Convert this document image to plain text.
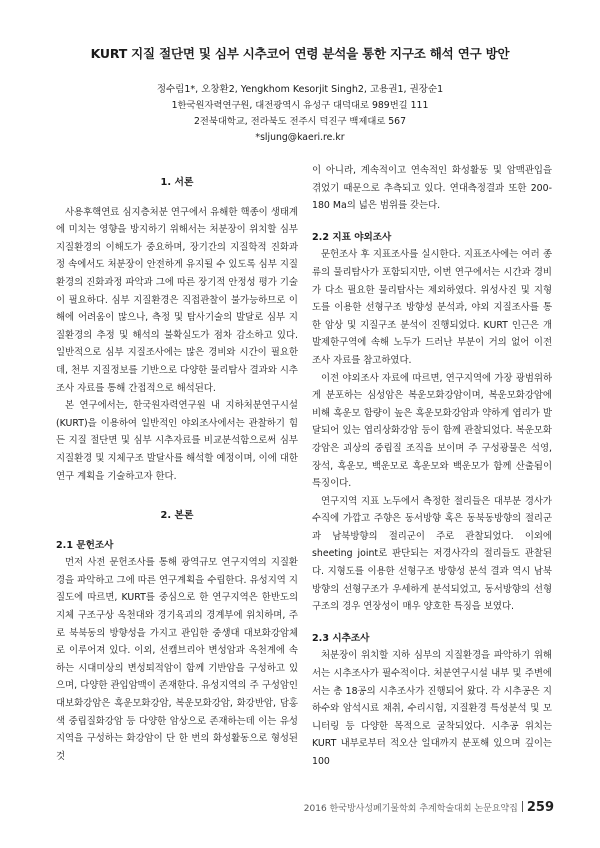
KURT 지질 절단면 및 심부 시추코어 연령 분석을 통한 지구조 해석 연구 방안
정수림1*, 오창환2, Yengkhom Kesorjit Singh2, 고용권1, 권장순1
1한국원자력연구원, 대전광역시 유성구 대덕대로 989번길 111
2전북대학교, 전라북도 전주시 덕진구 백제대로 567
*sljung@kaeri.re.kr

1. 서론

사용후핵연료 심지층처분 연구에서 유해한 핵종이 생태계에 미치는 영향을 방지하기 위해서는 처분장이 위치할 심부 지질환경의 이해도가 중요하며, 장기간의 지질학적 진화과정 속에서도 처분장이 안전하게 유지될 수 있도록 심부 지질환경의 진화과정 파악과 그에 따른 장기적 안정성 평가 기술이 필요하다. 심부 지질환경은 직접관찰이 불가능하므로 이해에 어려움이 많으나, 측정 및 탐사기술의 발달로 심부 지질환경의 추정 및 해석의 불확실도가 점차 감소하고 있다. 일반적으로 심부 지질조사에는 많은 경비와 시간이 필요한데, 천부 지질정보를 기반으로 다양한 물리탐사 결과와 시추조사 자료를 통해 간접적으로 해석된다.

본 연구에서는, 한국원자력연구원 내 지하처분연구시설(KURT)을 이용하여 일반적인 야외조사에서는 관찰하기 힘든 지질 절단면 및 심부 시추자료를 비교분석함으로써 심부 지질환경 및 지체구조 발달사를 해석할 예정이며, 이에 대한 연구 계획을 기술하고자 한다.

2. 본론

2.1 문헌조사

먼저 사전 문헌조사를 통해 광역규모 연구지역의 지질환경을 파악하고 그에 따른 연구계획을 수립한다. 유성지역 지질도에 따르면, KURT를 중심으로 한 연구지역은 한반도의 지체 구조구상 옥천대와 경기육괴의 경계부에 위치하며, 주로 북북동의 방향성을 가지고 관입한 중생대 대보화강암체로 이루어져 있다. 이외, 선캠브리아 변성암과 옥천계에 속하는 시대미상의 변성퇴적암이 함께 기반암을 구성하고 있으며, 다양한 관입암맥이 존재한다. 유성지역의 주 구성암인 대보화강암은 흑운모화강암, 복운모화강암, 화강반암, 담홍색 중립질화강암 등 다양한 암상으로 존재하는데 이는 유성지역을 구성하는 화강암이 단 한 번의 화성활동으로 형성된 것

이 아니라, 계속적이고 연속적인 화성활동 및 암맥관입을 겪었기 때문으로 추측되고 있다. 연대측정결과 또한 200-180 Ma의 넓은 범위를 갖는다.

2.2 지표 야외조사

문헌조사 후 지표조사를 실시한다. 지표조사에는 여러 종류의 물리탐사가 포함되지만, 이번 연구에서는 시간과 경비가 다소 필요한 물리탐사는 제외하였다. 위성사진 및 지형도를 이용한 선형구조 방향성 분석과, 야외 지질조사를 통한 암상 및 지질구조 분석이 진행되었다. KURT 인근은 개발제한구역에 속해 노두가 드러난 부분이 거의 없어 이전 조사 자료를 참고하였다.

이전 야외조사 자료에 따르면, 연구지역에 가장 광범위하게 분포하는 심성암은 복운모화강암이며, 복운모화강암에 비해 흑운모 함량이 높은 흑운모화강암과 약하게 엽리가 발달되어 있는 엽리상화강암 등이 함께 관찰되었다. 복운모화강암은 괴상의 중립질 조직을 보이며 주 구성광물은 석영, 장석, 흑운모, 백운모로 흑운모와 백운모가 함께 산출됨이 특징이다.

연구지역 지표 노두에서 측정한 절리들은 대부분 경사가 수직에 가깝고 주향은 동서방향 혹은 동북동방향의 절리군과 남북방향의 절리군이 주로 관찰되었다. 이외에 sheeting joint로 판단되는 저경사각의 절리들도 관찰된다. 지형도를 이용한 선형구조 방향성 분석 결과 역시 남북방향의 선형구조가 우세하게 분석되었고, 동서방향의 선형구조의 경우 연장성이 매우 양호한 특징을 보였다.

2.3 시추조사

처분장이 위치할 지하 심부의 지질환경을 파악하기 위해서는 시추조사가 필수적이다. 처분연구시설 내부 및 주변에서는 총 18공의 시추조사가 진행되어 왔다. 각 시추공은 지하수와 암석시료 채취, 수리시험, 지질환경 특성분석 및 모니터링 등 다양한 목적으로 굴착되었다. 시추공 위치는 KURT 내부로부터 적오산 일대까지 분포해 있으며 깊이는 100

2016 한국방사성폐기물학회 추계학술대회 논문요약집 259
